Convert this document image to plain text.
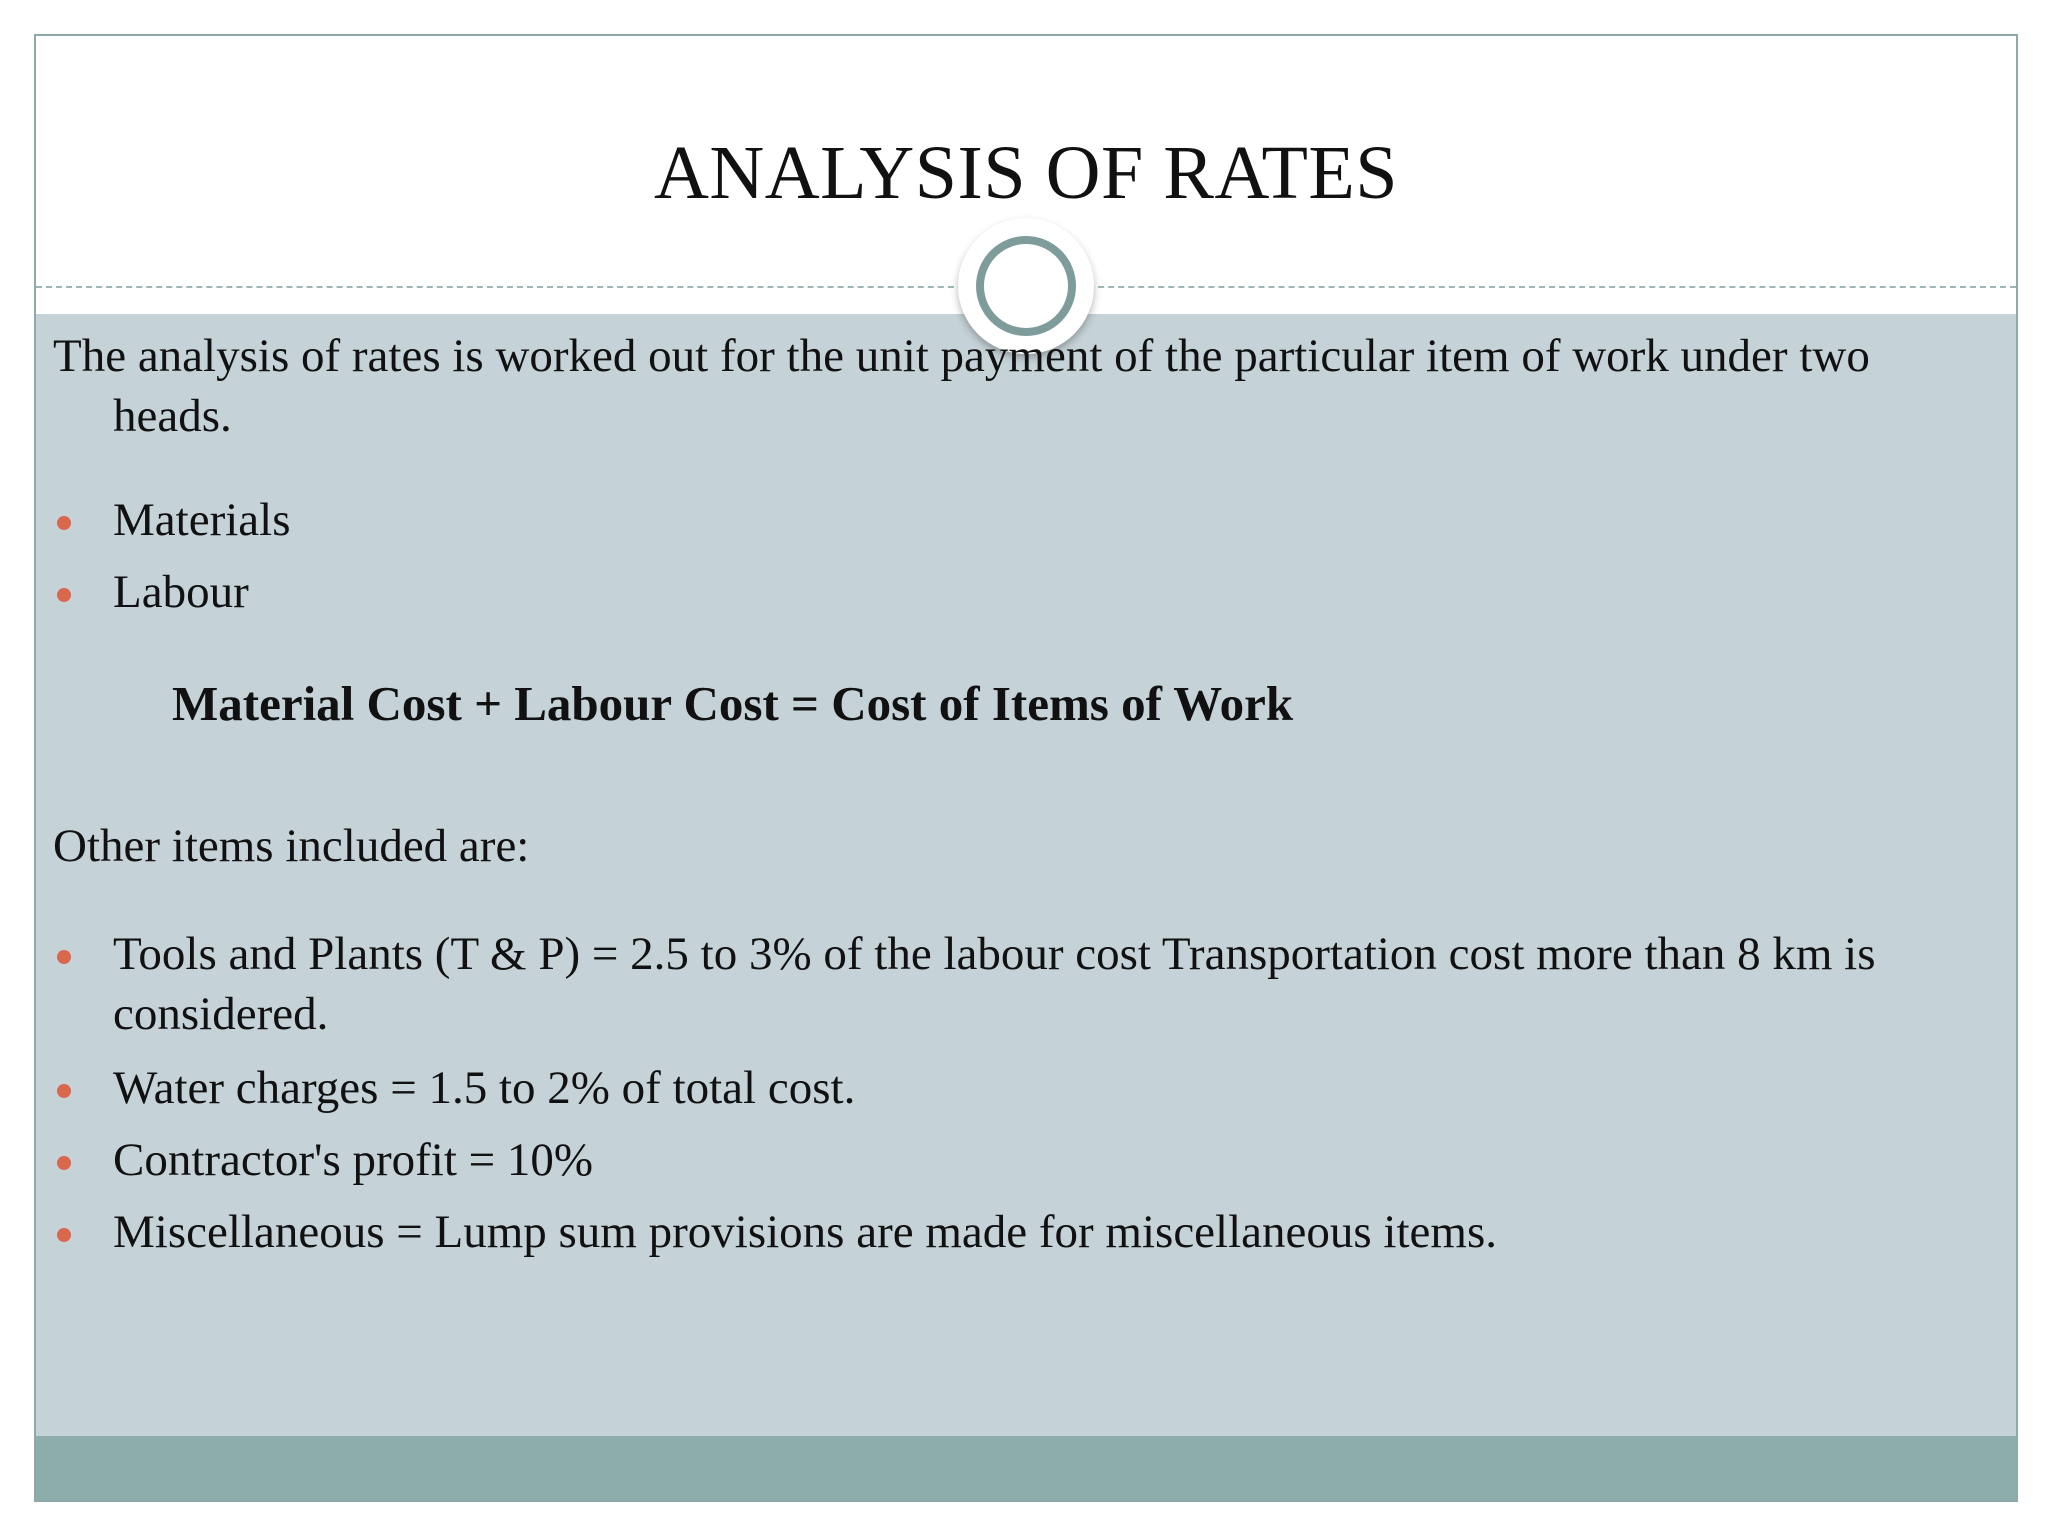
ANALYSIS OF RATES
The analysis of rates is worked out for the unit payment of the particular item of work under two heads.
Materials
Labour
Material Cost + Labour Cost = Cost of Items of Work
Other items included are:
Tools and Plants (T & P) = 2.5 to 3% of the labour cost Transportation cost more than 8 km is considered.
Water charges = 1.5 to 2% of total cost.
Contractor's profit = 10%
Miscellaneous = Lump sum provisions are made for miscellaneous items.
